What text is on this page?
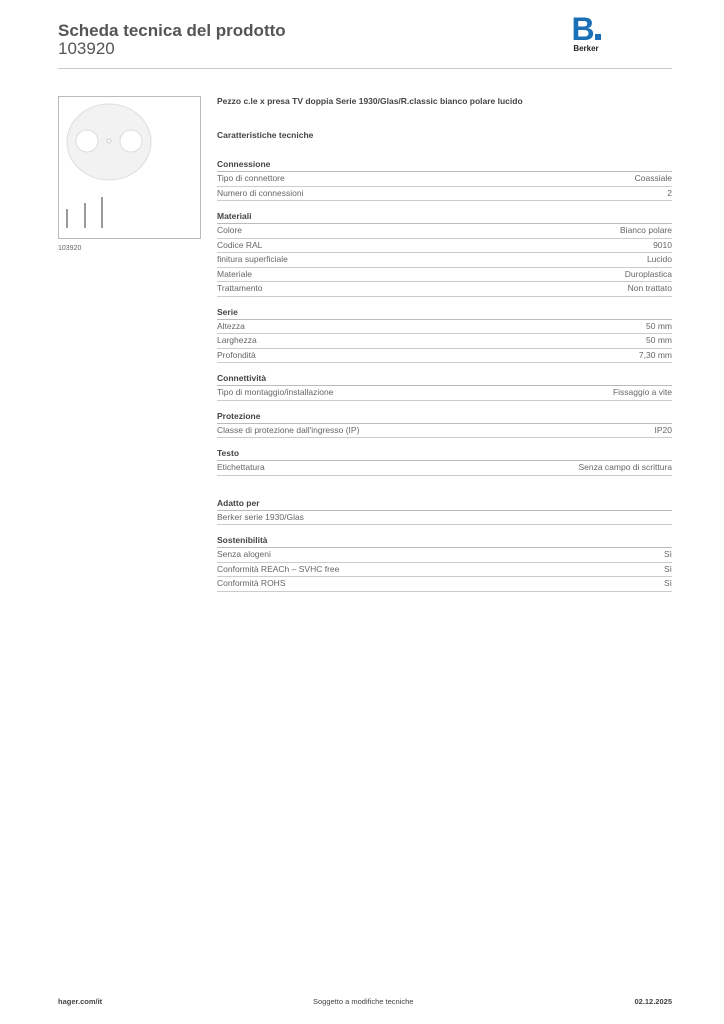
Scheda tecnica del prodotto
103920
B
Berker
103920
Pezzo c.le x presa TV doppia Serie 1930/Glas/R.classic bianco polare lucido
Caratteristiche tecniche
Connessione
Tipo di connettore	Coassiale
Numero di connessioni	2
Materiali
Colore	Bianco polare
Codice RAL	9010
finitura superficiale	Lucido
Materiale	Duroplastica
Trattamento	Non trattato
Serie
Altezza	50 mm
Larghezza	50 mm
Profondità	7,30 mm
Connettività
Tipo di montaggio/installazione	Fissaggio a vite
Protezione
Classe di protezione dall'ingresso (IP)	IP20
Testo
Etichettatura	Senza campo di scrittura
Adatto per
Berker serie 1930/Glas
Sostenibilità
Senza alogeni	Sì
Conformità REACh – SVHC free	Sì
Conformità ROHS	Sì
hager.com/it	Soggetto a modifiche tecniche	02.12.2025
